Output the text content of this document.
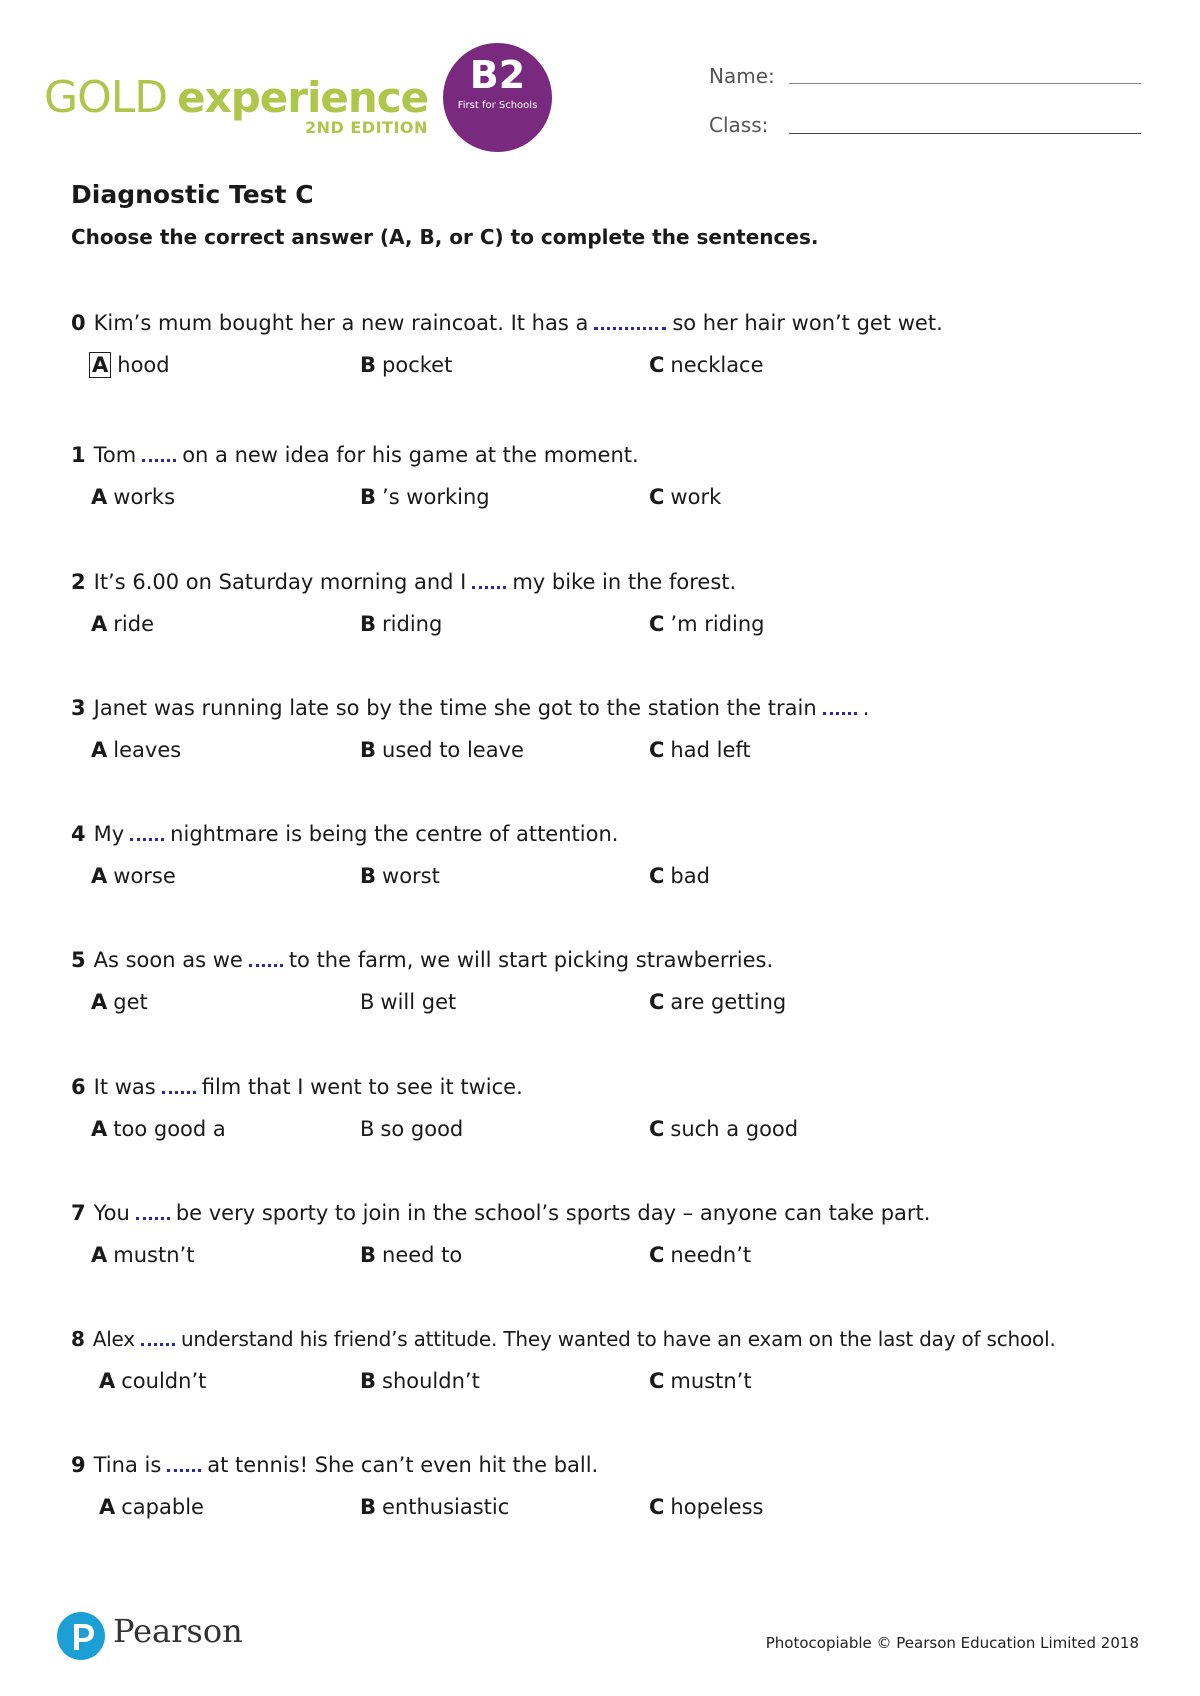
GOLD experience
2ND EDITION
B2
First for Schools
Name:
Class:
Diagnostic Test C
Choose the correct answer (A, B, or C) to complete the sentences.
0 Kim’s mum bought her a new raincoat. It has a	so her hair won’t get wet.
A hood	B pocket	C necklace
1 Tom on a new idea for his game at the moment.
A works	B ’s working	C work
2 It’s 6.00 on Saturday morning and I my bike in the forest.
A ride	B riding	C ’m riding
3 Janet was running late so by the time she got to the station the train .
A leaves	B used to leave	C had left
4 My nightmare is being the centre of attention.
A worse	B worst	C bad
5 As soon as we to the farm, we will start picking strawberries.
A get	B will get	C are getting
6 It was film that I went to see it twice.
A too good a	B so good	C such a good
7 You be very sporty to join in the school’s sports day – anyone can take part.
A mustn’t	B need to	C needn’t
8 Alex understand his friend’s attitude. They wanted to have an exam on the last day of school.
A couldn’t	B shouldn’t	C mustn’t
9 Tina is at tennis! She can’t even hit the ball.
A capable	B enthusiastic	C hopeless
Pearson	Photocopiable © Pearson Education Limited 2018
